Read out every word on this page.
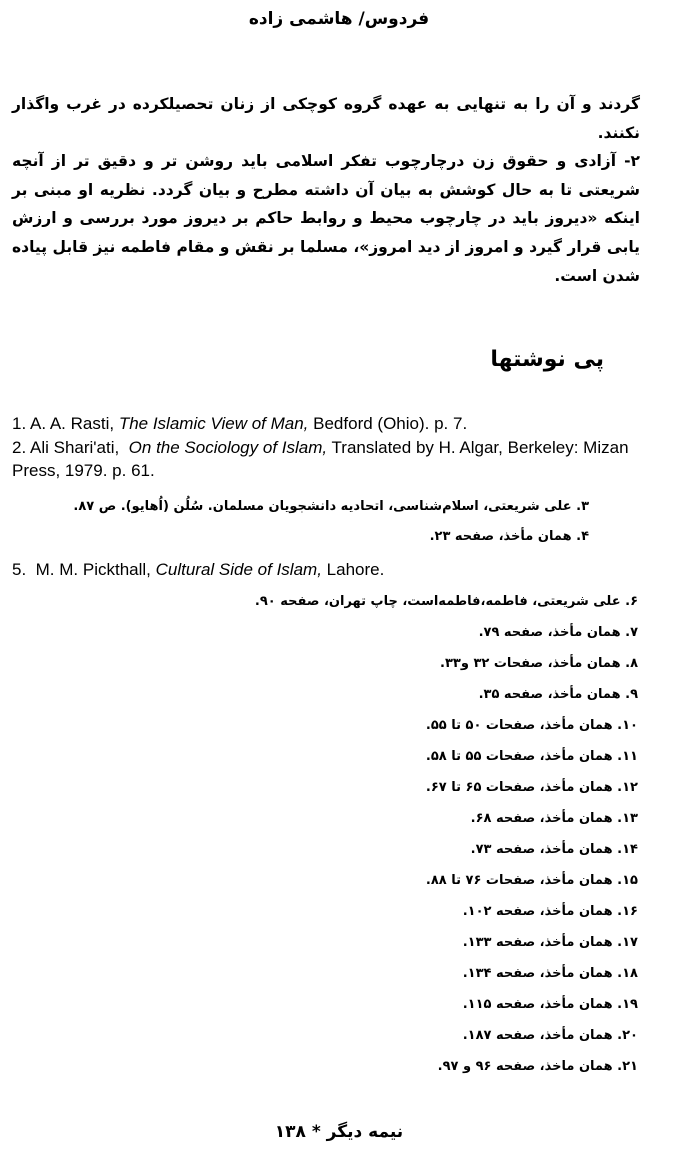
فردوس/ هاشمی زاده

گردند و آن را به تنهایی به عهده گروه کوچکی از زنان تحصیلکرده در غرب واگذار نکنند.

۲- آزادی و حقوق زن درچارچوب تفکر اسلامی باید روشن تر و دقیق تر از آنچه شریعتی تا به حال کوشش به بیان آن داشته مطرح و بیان گردد. نظریه او مبنی بر اینکه «دیروز باید در چارچوب محیط و روابط حاکم بر دیروز مورد بررسی و ارزش یابی قرار گیرد و امروز از دید امروز»، مسلما بر نقش و مقام فاطمه نیز قابل پیاده شدن است.

پی نوشتها
1. A. A. Rasti, The Islamic View of Man, Bedford (Ohio). p. 7.
2. Ali Shari'ati, On the Sociology of Islam, Translated by H. Algar, Berkeley: Mizan Press, 1979. p. 61.
۳. علی شریعتی، اسلام‌شناسی، اتحادیه دانشجویان مسلمان. سُلُن (اُهایو). ص ۸۷.
۴. همان مأخذ، صفحه ۲۳.
5. M. M. Pickthall, Cultural Side of Islam, Lahore.
۶. علی شریعتی، فاطمه،فاطمه‌است، چاپ تهران، صفحه ۹۰.
۷. همان مأخذ، صفحه ۷۹.
۸. همان مأخذ، صفحات ۳۲ و۳۳.
۹. همان مأخذ، صفحه ۳۵.
۱۰. همان مأخذ، صفحات ۵۰ تا ۵۵.
۱۱. همان مأخذ، صفحات ۵۵ تا ۵۸.
۱۲. همان مأخذ، صفحات ۶۵ تا ۶۷.
۱۳. همان مأخذ، صفحه ۶۸.
۱۴. همان مأخذ، صفحه ۷۳.
۱۵. همان مأخذ، صفحات ۷۶ تا ۸۸.
۱۶. همان مأخذ، صفحه ۱۰۲.
۱۷. همان مأخذ، صفحه ۱۳۳.
۱۸. همان مأخذ، صفحه ۱۳۴.
۱۹. همان مأخذ، صفحه ۱۱۵.
۲۰. همان مأخذ، صفحه ۱۸۷.
۲۱. همان ماخذ، صفحه ۹۶ و ۹۷.
نیمه دیگر * ۱۳۸
